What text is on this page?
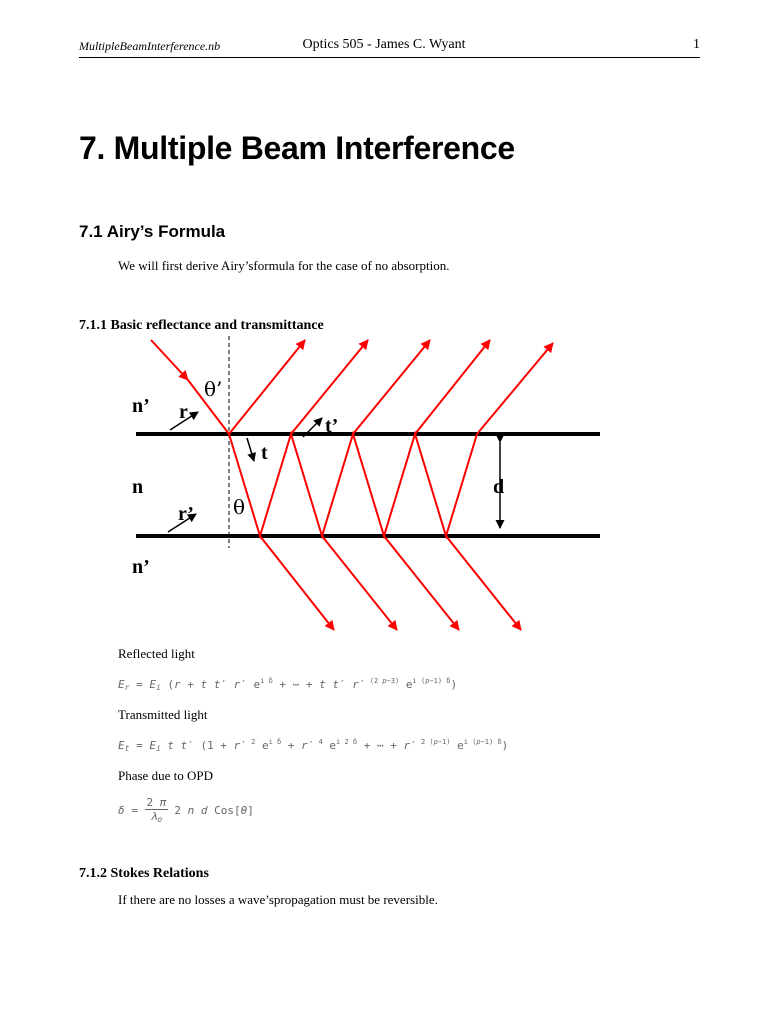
MultipleBeamInterference.nb	Optics 505 - James C. Wyant	1
7. Multiple Beam Interference
7.1 Airy’s Formula
We will first derive Airy’sformula for the case of no absorption.
7.1.1 Basic reflectance and transmittance
n’
n
n’
r
r’
t
t’
d
θ’
θ
Reflected light
$E_r = E_i$ (r + t t′ r′ $e^{i \delta}$ + ⋯ + t t′ r′ $^{(2 p-3)}$ $e^{i (p-1) \delta}$)
Transmitted light
$E_t = E_i$ t t′ (1 + r′ $^2$ $e^{i \delta} + r'$ $^4$ $e^{i 2 \delta}$ + ⋯ + r′ $^{2 (p-1)}$ $e^{i (p-1) \delta}$)
Phase due to OPD
$\delta = \frac{2 \pi}{\lambda_o} 2$ n d Cos[θ]
7.1.2 Stokes Relations
If there are no losses a wave’spropagation must be reversible.
